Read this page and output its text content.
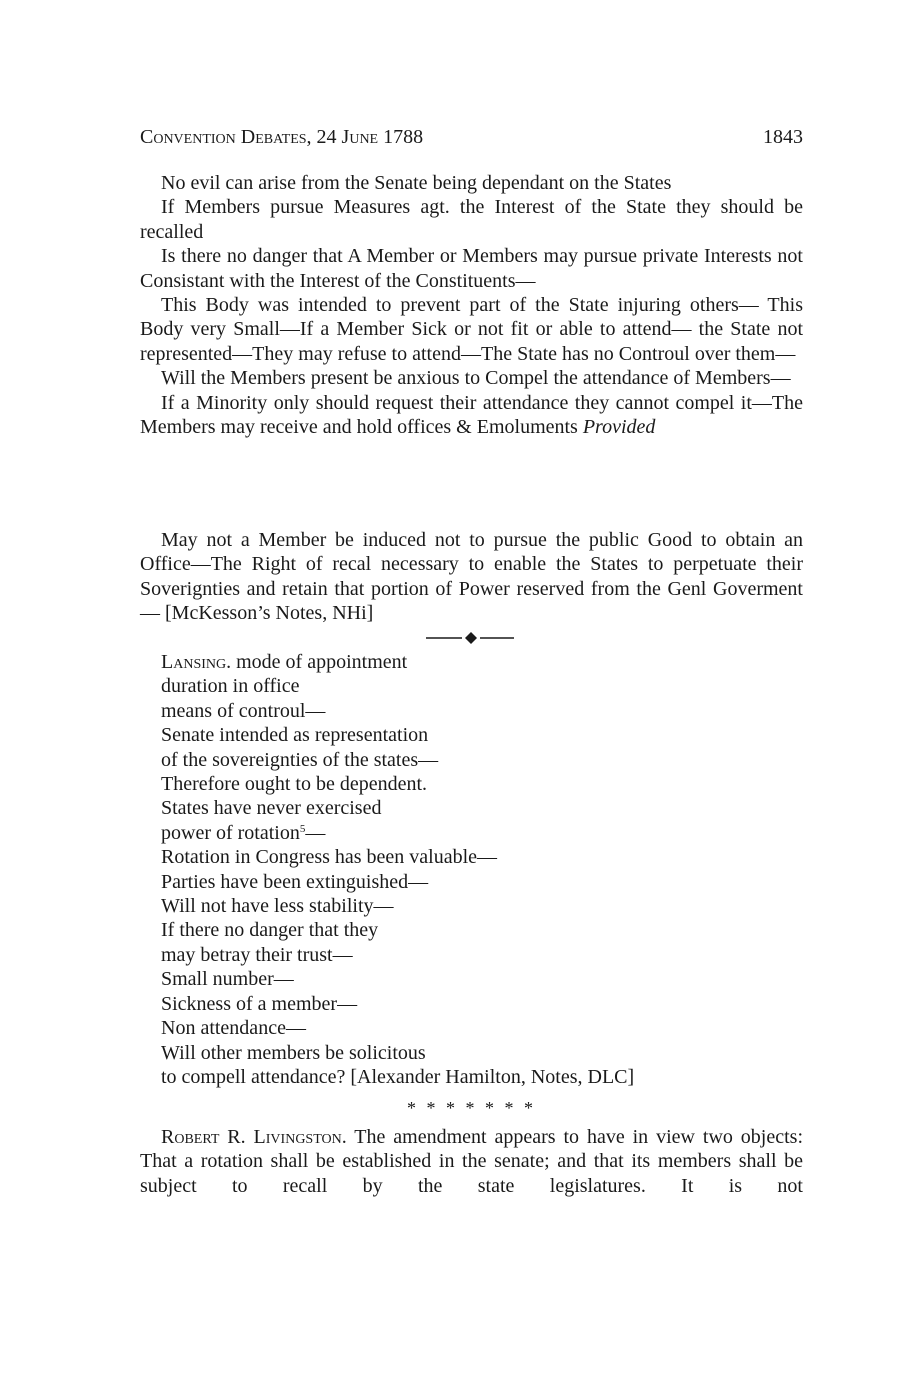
Convention Debates, 24 June 1788	1843

No evil can arise from the Senate being dependant on the States

If Members pursue Measures agt. the Interest of the State they should be recalled

Is there no danger that A Member or Members may pursue private Interests not Consistant with the Interest of the Constituents—

This Body was intended to prevent part of the State injuring others— This Body very Small—If a Member Sick or not fit or able to attend— the State not represented—They may refuse to attend—The State has no Controul over them—

Will the Members present be anxious to Compel the attendance of Members—

If a Minority only should request their attendance they cannot compel it—The Members may receive and hold offices & Emoluments Provided

May not a Member be induced not to pursue the public Good to obtain an Office—The Right of recal necessary to enable the States to perpetuate their Soverignties and retain that portion of Power reserved from the Genl Goverment— [McKesson’s Notes, NHi]

Lansing. mode of appointment
duration in office
means of controul—
Senate intended as representation
of the sovereignties of the states—
Therefore ought to be dependent.
States have never exercised
power of rotation$^5$—
Rotation in Congress has been valuable—
Parties have been extinguished—
Will not have less stability—
If there no danger that they
may betray their trust—
Small number—
Sickness of a member—
Non attendance—
Will other members be solicitous
to compell attendance? [Alexander Hamilton, Notes, DLC]
* * * * * * *

Robert R. Livingston. The amendment appears to have in view two objects: That a rotation shall be established in the senate; and that its members shall be subject to recall by the state legislatures. It is not
